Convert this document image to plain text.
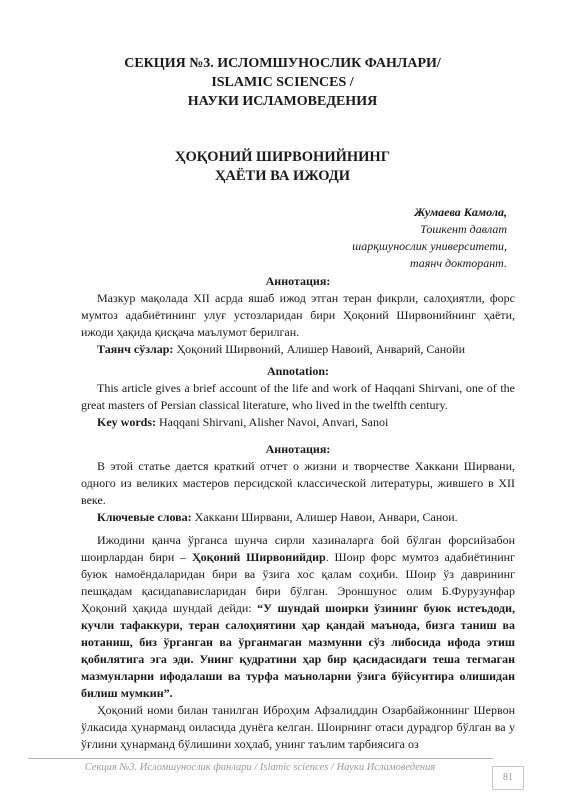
СЕКЦИЯ №3. ИСЛОМШУНОСЛИК ФАНЛАРИ/
ISLAMIC SCIENCES /
НАУКИ ИСЛАМОВЕДЕНИЯ
ҲОҚОНИЙ ШИРВОНИЙНИНГ
ҲАЁТИ ВА ИЖОДИ
Жумаева Камола,
Тошкент давлат
шарқшунослик университети,
таянч докторант.
Аннотация:

Мазкур мақолада XII асрда яшаб ижод этган теран фикрли, салоҳиятли, форс мумтоз адабиётининг улуғ устозларидан бири Ҳоқоний Ширвонийнинг ҳаёти, ижоди ҳақида қисқача маълумот берилган.

Таянч сўзлар: Ҳоқоний Ширвоний, Алишер Навоий, Анварий, Санойи

Annotation:

This article gives a brief account of the life and work of Haqqani Shirvani, one of the great masters of Persian classical literature, who lived in the twelfth century.

Key words: Haqqani Shirvani, Alisher Navoi, Anvari, Sanoi

Аннотация:

В этой статье дается краткий отчет о жизни и творчестве Хаккани Ширвани, одного из великих мастеров персидской классической литературы, жившего в XII веке.

Ключевые слова: Хаккани Ширвани, Алишер Навои, Анвари, Санои.

Ижодини қанча ўрганса шунча сирли хазиналарга бой бўлган форсийзабон шоирлардан бири – Ҳоқоний Ширвонийдир. Шоир форс мумтоз адабиётининг буюк намоёндаларидан бири ва ўзига хос қалам соҳиби. Шоир ўз даврининг пешқадам қасидаnaвисларидан бири бўлган. Эроншунос олим Б.Фурузунфар Ҳоқоний ҳақида шундай дейди: “У шундай шоирки ўзининг буюк истеъдоди, кучли тафаккури, теран салоҳиятини ҳар қандай маънода, бизга таниш ва нотаниш, биз ўрганган ва ўрганмаган мазмунни сўз либосида ифода этиш қобилятига эга эди. Унинг қудратини ҳар бир қасидасидаги теша тегмаган мазмунларни ифодалаши ва турфа маъноларни ўзига бўйсунтира олишидан билиш мумкин”.

Ҳоқоний номи билан танилган Иброҳим Афзалиддин Озарбайжоннинг Шервон ўлкасида ҳунарманд оиласида дунёга келган. Шоирнинг отаси дурадгор бўлган ва у ўғлини ҳунарманд бўлишини хоҳлаб, унинг таълим тарбиясига оз

Секция №3. Исломшунослик фанлари / Islamic sciences / Науки Исламоведения
81
